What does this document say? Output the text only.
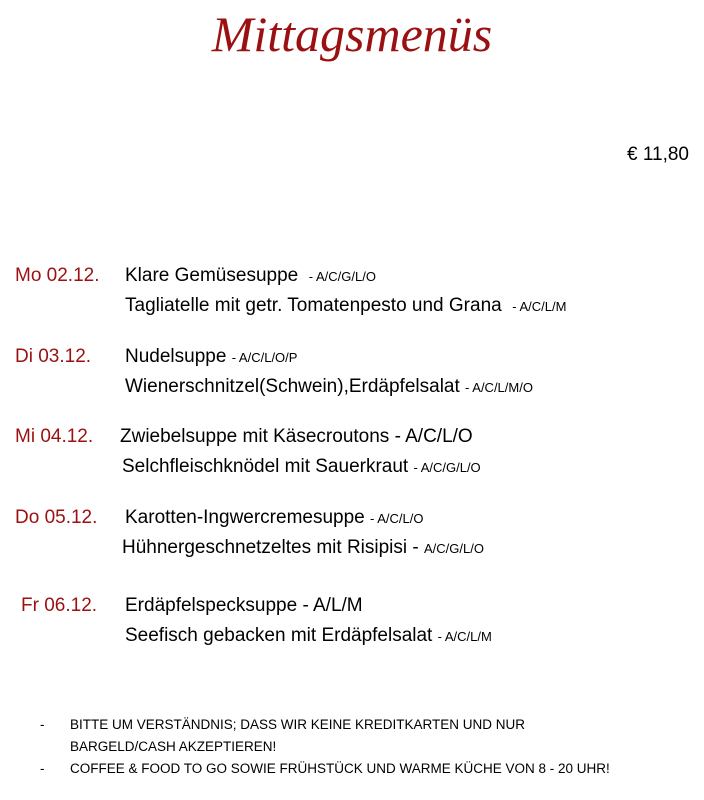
Mittagsmenüs
€ 11,80
Mo 02.12. Klare Gemüsesuppe - A/C/G/L/O
Tagliatelle mit getr. Tomatenpesto und Grana - A/C/L/M
Di 03.12. Nudelsuppe - A/C/L/O/P
Wienerschnitzel(Schwein),Erdäpfelsalat - A/C/L/M/O
Mi 04.12. Zwiebelsuppe mit Käsecroutons - A/C/L/O
Selchfleischknödel mit Sauerkraut - A/C/G/L/O
Do 05.12. Karotten-Ingwercremesuppe - A/C/L/O
Hühnergeschnetzeltes mit Risipisi - A/C/G/L/O
Fr 06.12. Erdäpfelspecksuppe - A/L/M
Seefisch gebacken mit Erdäpfelsalat - A/C/L/M
- BITTE UM VERSTÄNDNIS; DASS WIR KEINE KREDITKARTEN UND NUR
BARGELD/CASH AKZEPTIEREN!
- COFFEE & FOOD TO GO SOWIE FRÜHSTÜCK UND WARME KÜCHE VON 8 - 20 UHR!
